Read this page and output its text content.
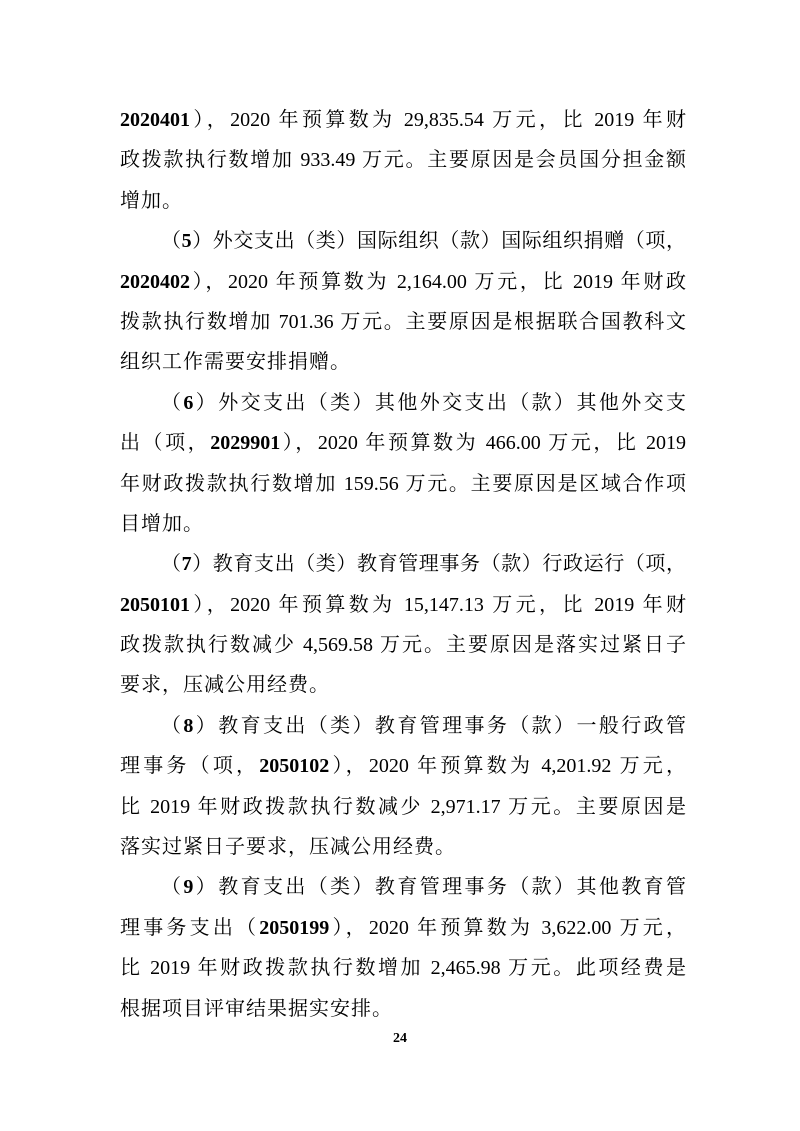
2020401），2020 年预算数为 29,835.54 万元，比 2019 年财
政拨款执行数增加 933.49 万元。主要原因是会员国分担金额
增加。
（5）外交支出（类）国际组织（款）国际组织捐赠（项，
2020402），2020 年预算数为 2,164.00 万元，比 2019 年财政
拨款执行数增加 701.36 万元。主要原因是根据联合国教科文
组织工作需要安排捐赠。
（6）外交支出（类）其他外交支出（款）其他外交支
出（项，2029901），2020 年预算数为 466.00 万元，比 2019
年财政拨款执行数增加 159.56 万元。主要原因是区域合作项
目增加。
（7）教育支出（类）教育管理事务（款）行政运行（项，
2050101），2020 年预算数为 15,147.13 万元，比 2019 年财
政拨款执行数减少 4,569.58 万元。主要原因是落实过紧日子
要求，压减公用经费。
（8）教育支出（类）教育管理事务（款）一般行政管
理事务（项，2050102），2020 年预算数为 4,201.92 万元，
比 2019 年财政拨款执行数减少 2,971.17 万元。主要原因是
落实过紧日子要求，压减公用经费。
（9）教育支出（类）教育管理事务（款）其他教育管
理事务支出（2050199），2020 年预算数为 3,622.00 万元，
比 2019 年财政拨款执行数增加 2,465.98 万元。此项经费是
根据项目评审结果据实安排。
24
